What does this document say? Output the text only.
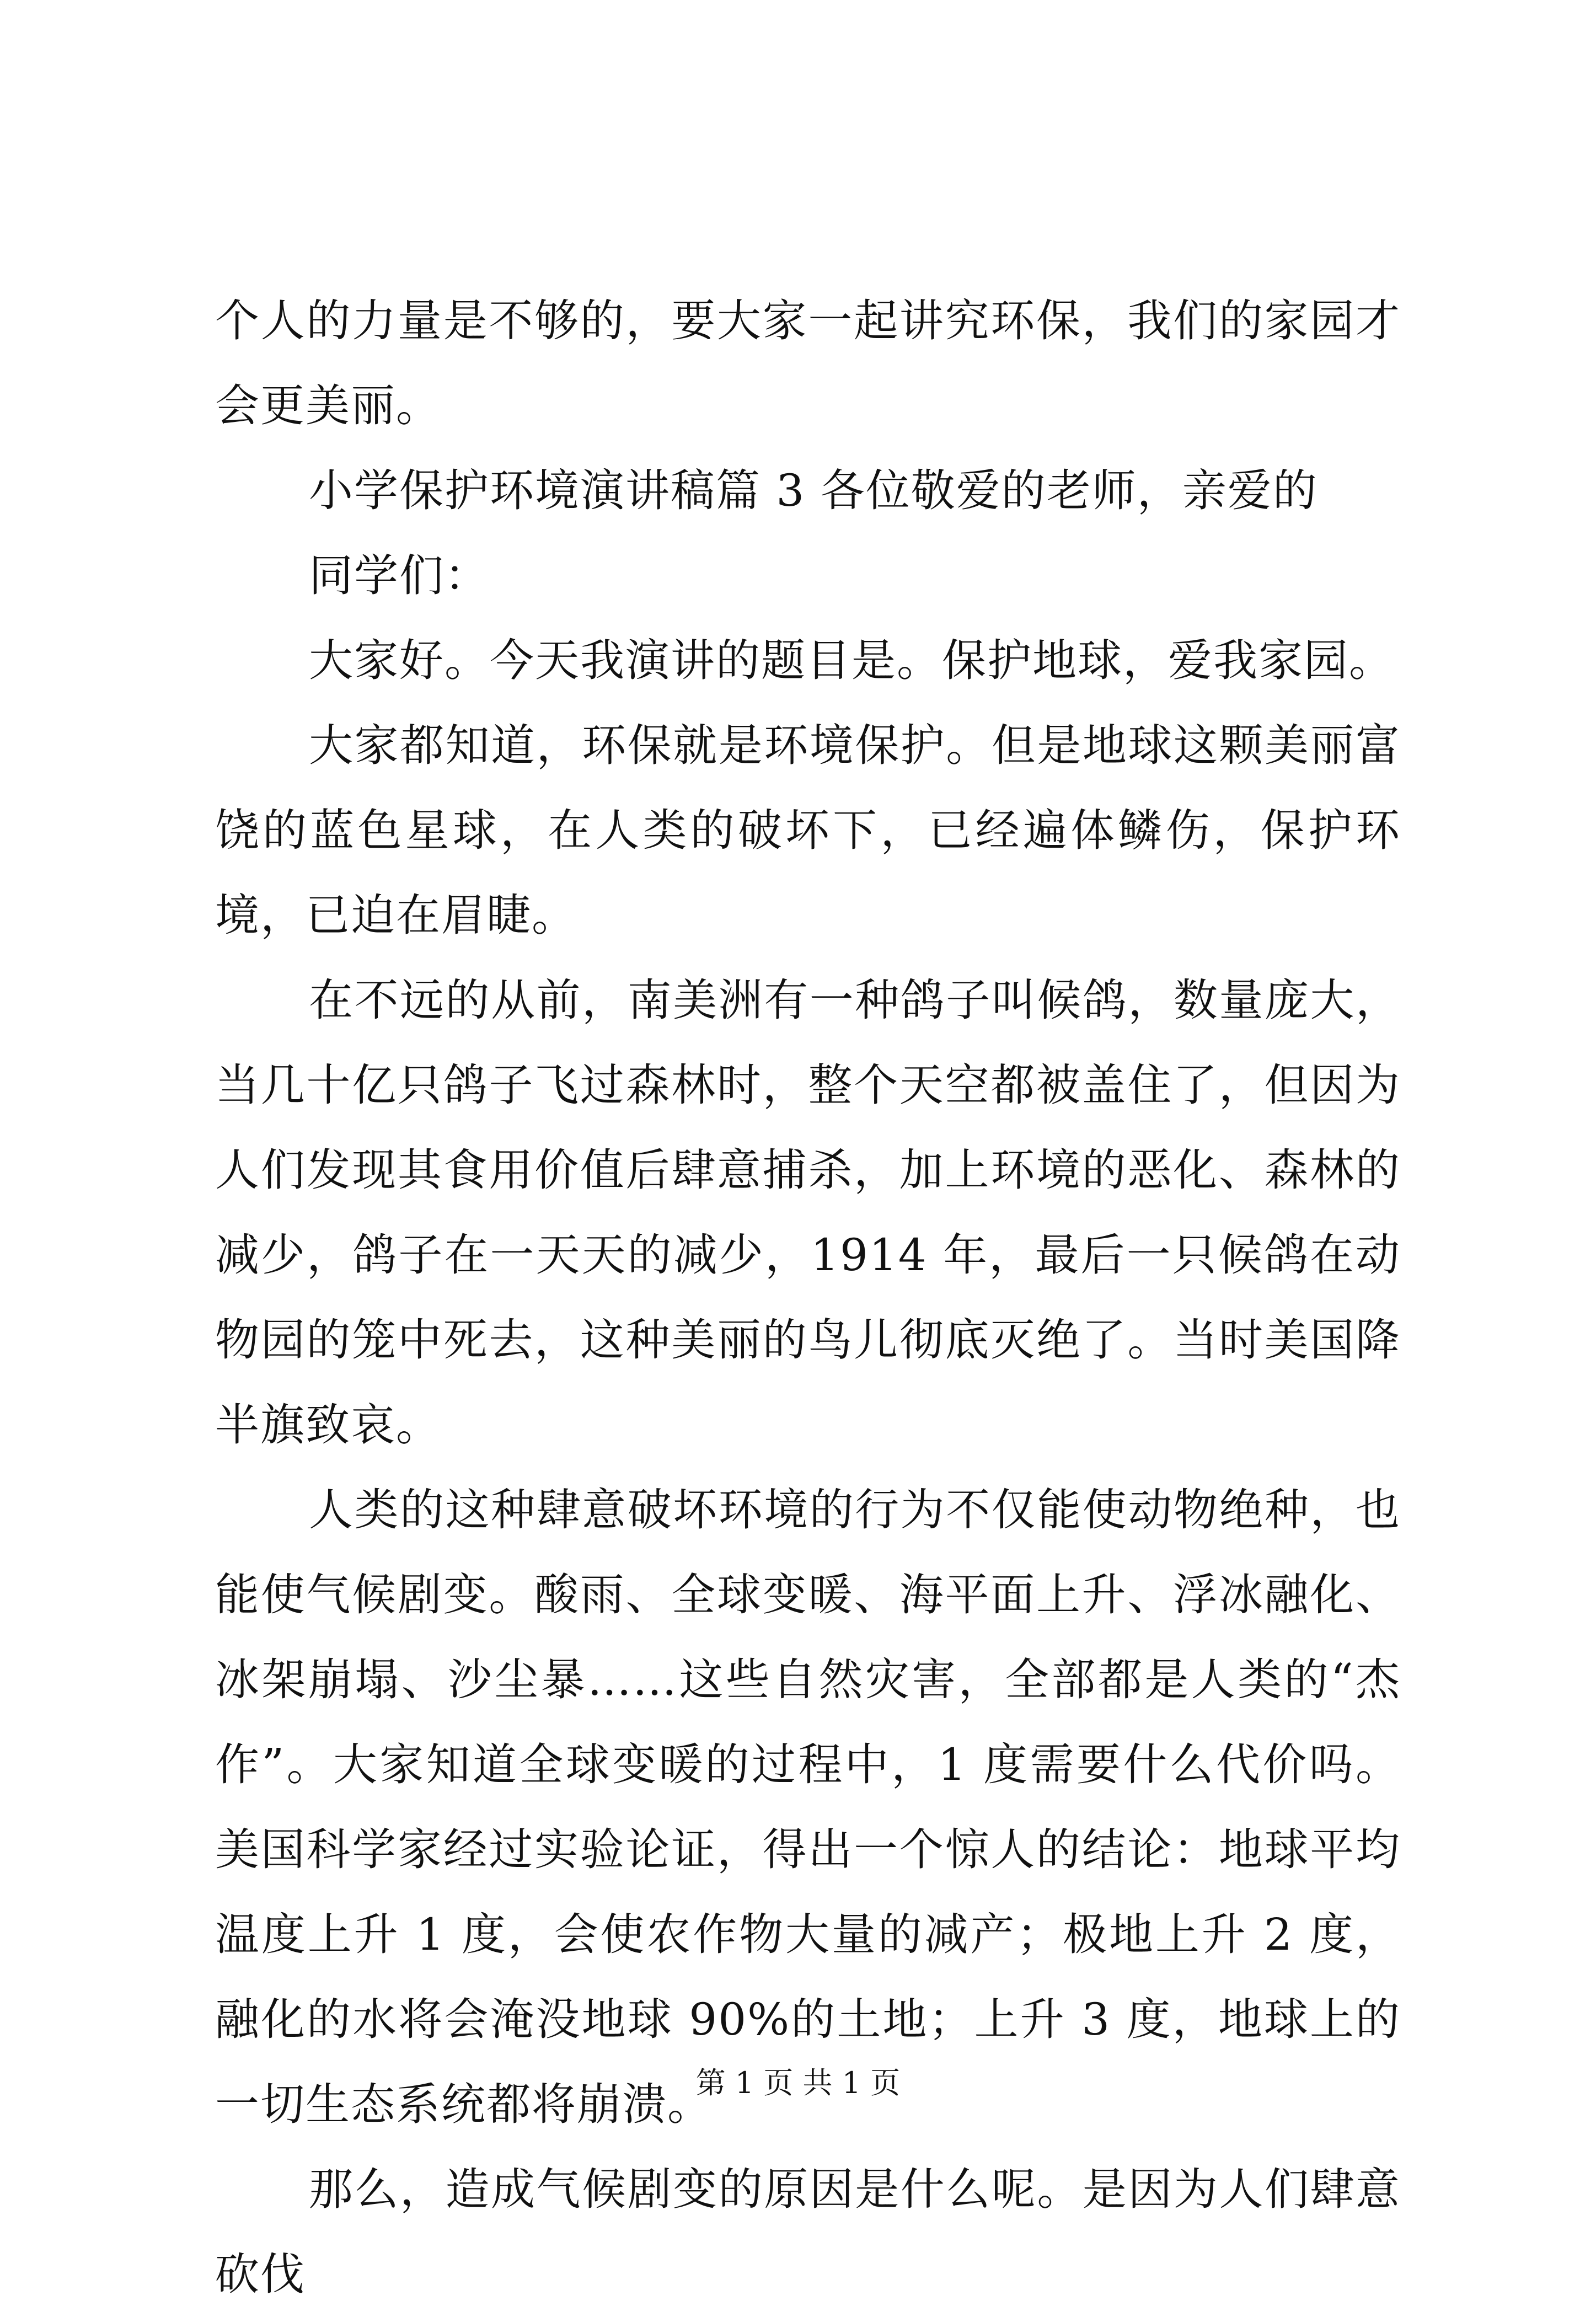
个人的力量是不够的，要大家一起讲究环保，我们的家园才会更美丽。

小学保护环境演讲稿篇 3 各位敬爱的老师，亲爱的

同学们：

大家好。今天我演讲的题目是。保护地球，爱我家园。

大家都知道，环保就是环境保护。但是地球这颗美丽富饶的蓝色星球，在人类的破坏下，已经遍体鳞伤，保护环境，已迫在眉睫。

在不远的从前，南美洲有一种鸽子叫候鸽，数量庞大，当几十亿只鸽子飞过森林时，整个天空都被盖住了，但因为人们发现其食用价值后肆意捕杀，加上环境的恶化、森林的减少，鸽子在一天天的减少，1914 年，最后一只候鸽在动物园的笼中死去，这种美丽的鸟儿彻底灭绝了。当时美国降半旗致哀。

人类的这种肆意破坏环境的行为不仅能使动物绝种，也能使气候剧变。酸雨、全球变暖、海平面上升、浮冰融化、冰架崩塌、沙尘暴……这些自然灾害，全部都是人类的“杰作”。大家知道全球变暖的过程中，1 度需要什么代价吗。美国科学家经过实验论证，得出一个惊人的结论：地球平均温度上升 1 度，会使农作物大量的减产；极地上升 2 度，融化的水将会淹没地球 90%的土地；上升 3 度，地球上的一切生态系统都将崩溃。

那么，造成气候剧变的原因是什么呢。是因为人们肆意砍伐

第 1 页 共 1 页
